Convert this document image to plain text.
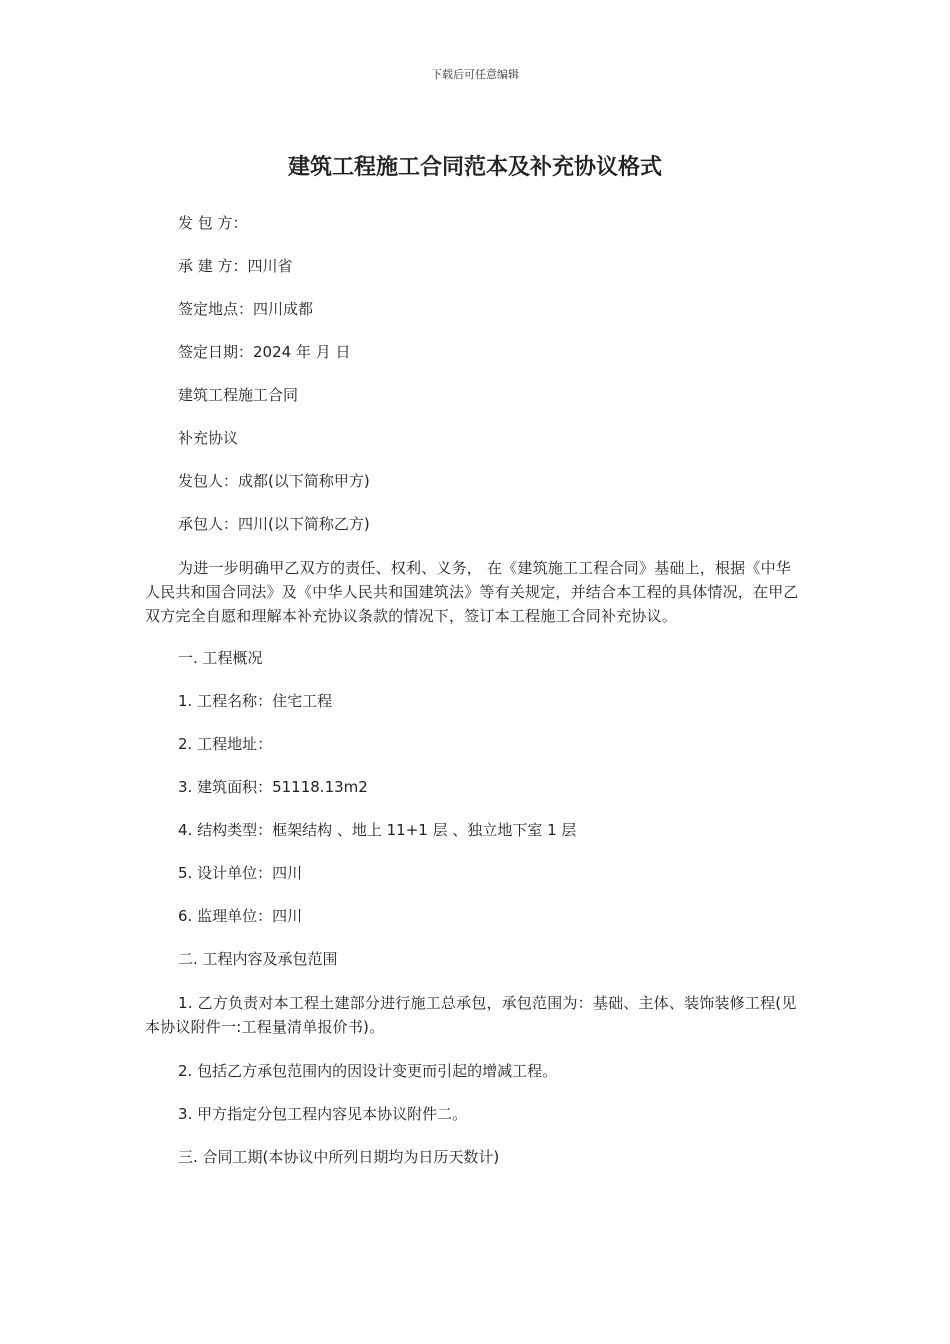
下载后可任意编辑
建筑工程施工合同范本及补充协议格式
发 包 方：
承 建 方：四川省
签定地点：四川成都
签定日期：2024 年 月 日
建筑工程施工合同
补充协议
发包人：成都(以下简称甲方)
承包人：四川(以下简称乙方)

为进一步明确甲乙双方的责任、权利、义务， 在《建筑施工工程合同》基础上，根据《中华人民共和国合同法》及《中华人民共和国建筑法》等有关规定，并结合本工程的具体情况，在甲乙双方完全自愿和理解本补充协议条款的情况下，签订本工程施工合同补充协议。

一. 工程概况
1. 工程名称：住宅工程
2. 工程地址：
3. 建筑面积：51118.13m2
4. 结构类型：框架结构 、地上 11+1 层 、独立地下室 1 层
5. 设计单位：四川
6. 监理单位：四川
二. 工程内容及承包范围

1. 乙方负责对本工程土建部分进行施工总承包，承包范围为：基础、主体、装饰装修工程(见本协议附件一:工程量清单报价书)。

2. 包括乙方承包范围内的因设计变更而引起的增减工程。
3. 甲方指定分包工程内容见本协议附件二。
三. 合同工期(本协议中所列日期均为日历天数计)
